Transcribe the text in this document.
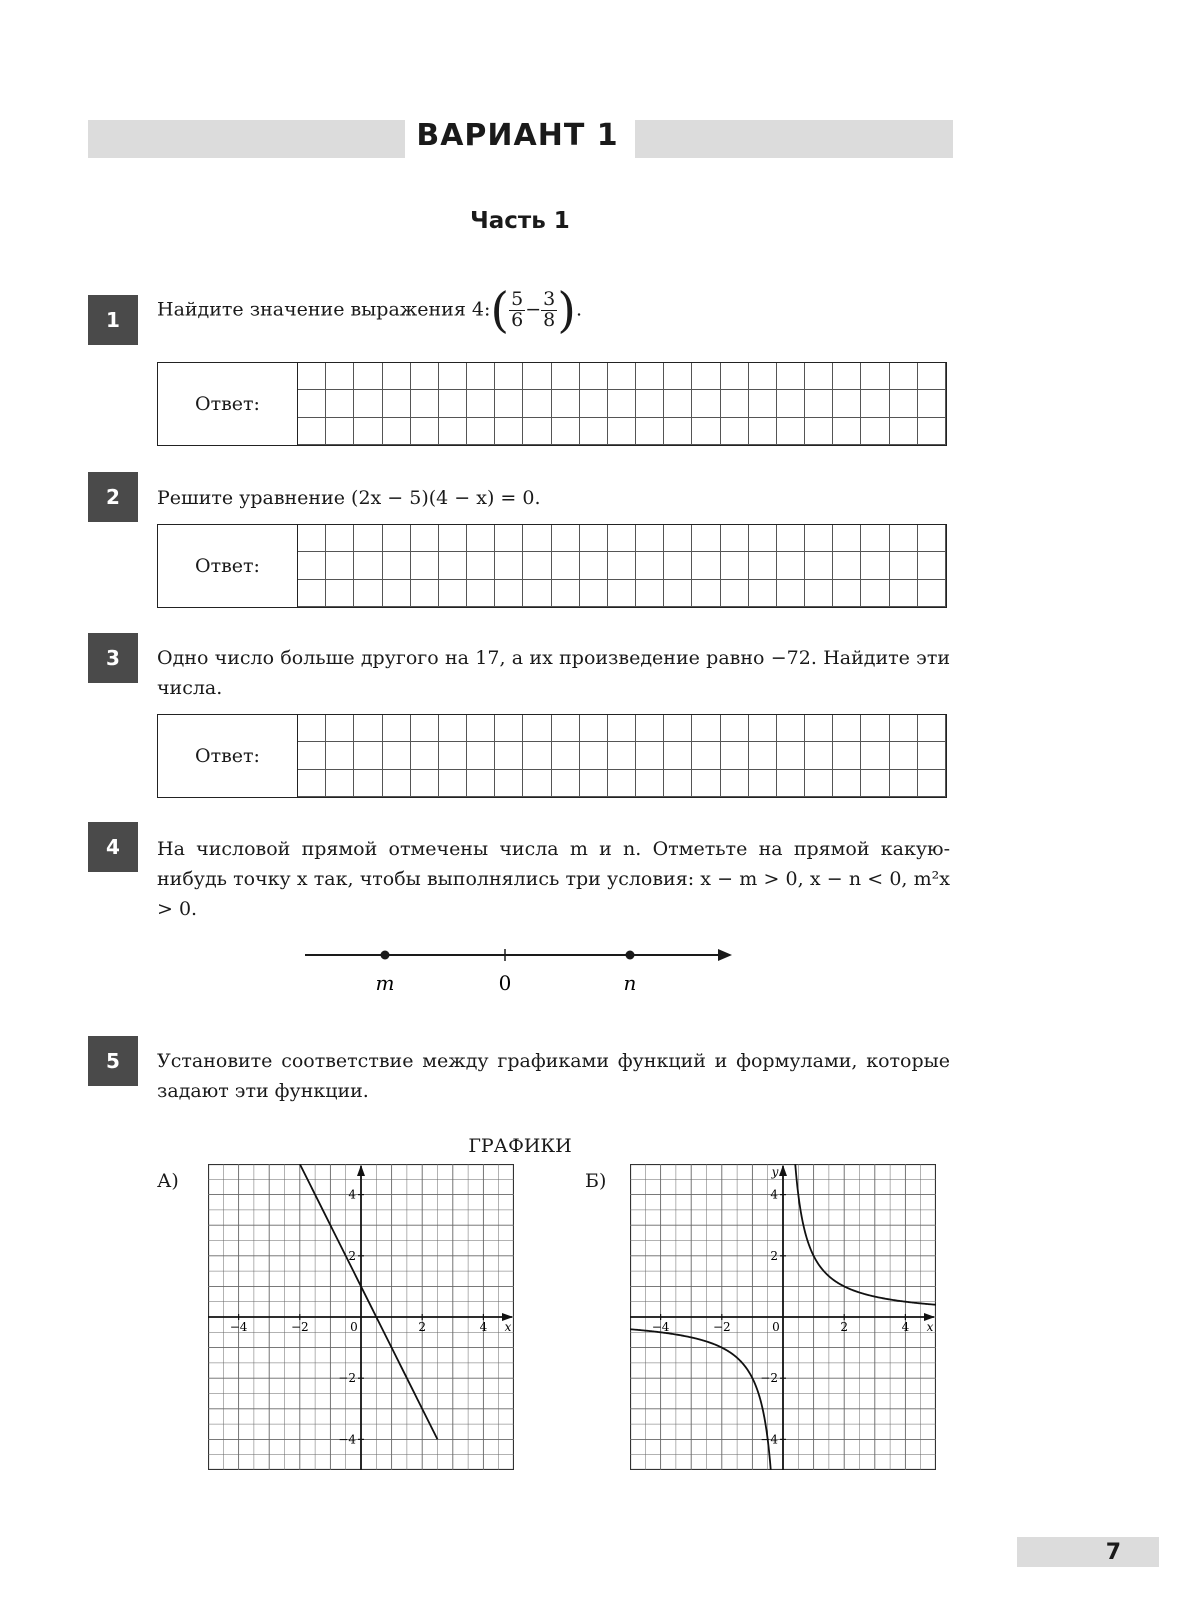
ВАРИАНТ 1
Часть 1
1	Найдите значение выражения 4:( $\frac{5}{6} - \frac{3}{8}$ ).
Ответ:
2	Решите уравнение (2x − 5)(4 − x) = 0.
Ответ:
3	Одно число больше другого на 17, а их произведение равно −72. Найдите эти числа.
Ответ:
4	На числовой прямой отмечены числа m и n. Отметьте на прямой какую-нибудь точку x так, чтобы выполнялись три условия: x − m > 0, x − n < 0, m²x > 0.
m	0	n
5	Установите соответствие между графиками функций и формулами, которые задают эти функции.
ГРАФИКИ
А)	Б)
−4	−2	0	2	4 x
4
2
−2
−4
−4	−2	0	2	4 x
y
4
2
−2
−4
7
